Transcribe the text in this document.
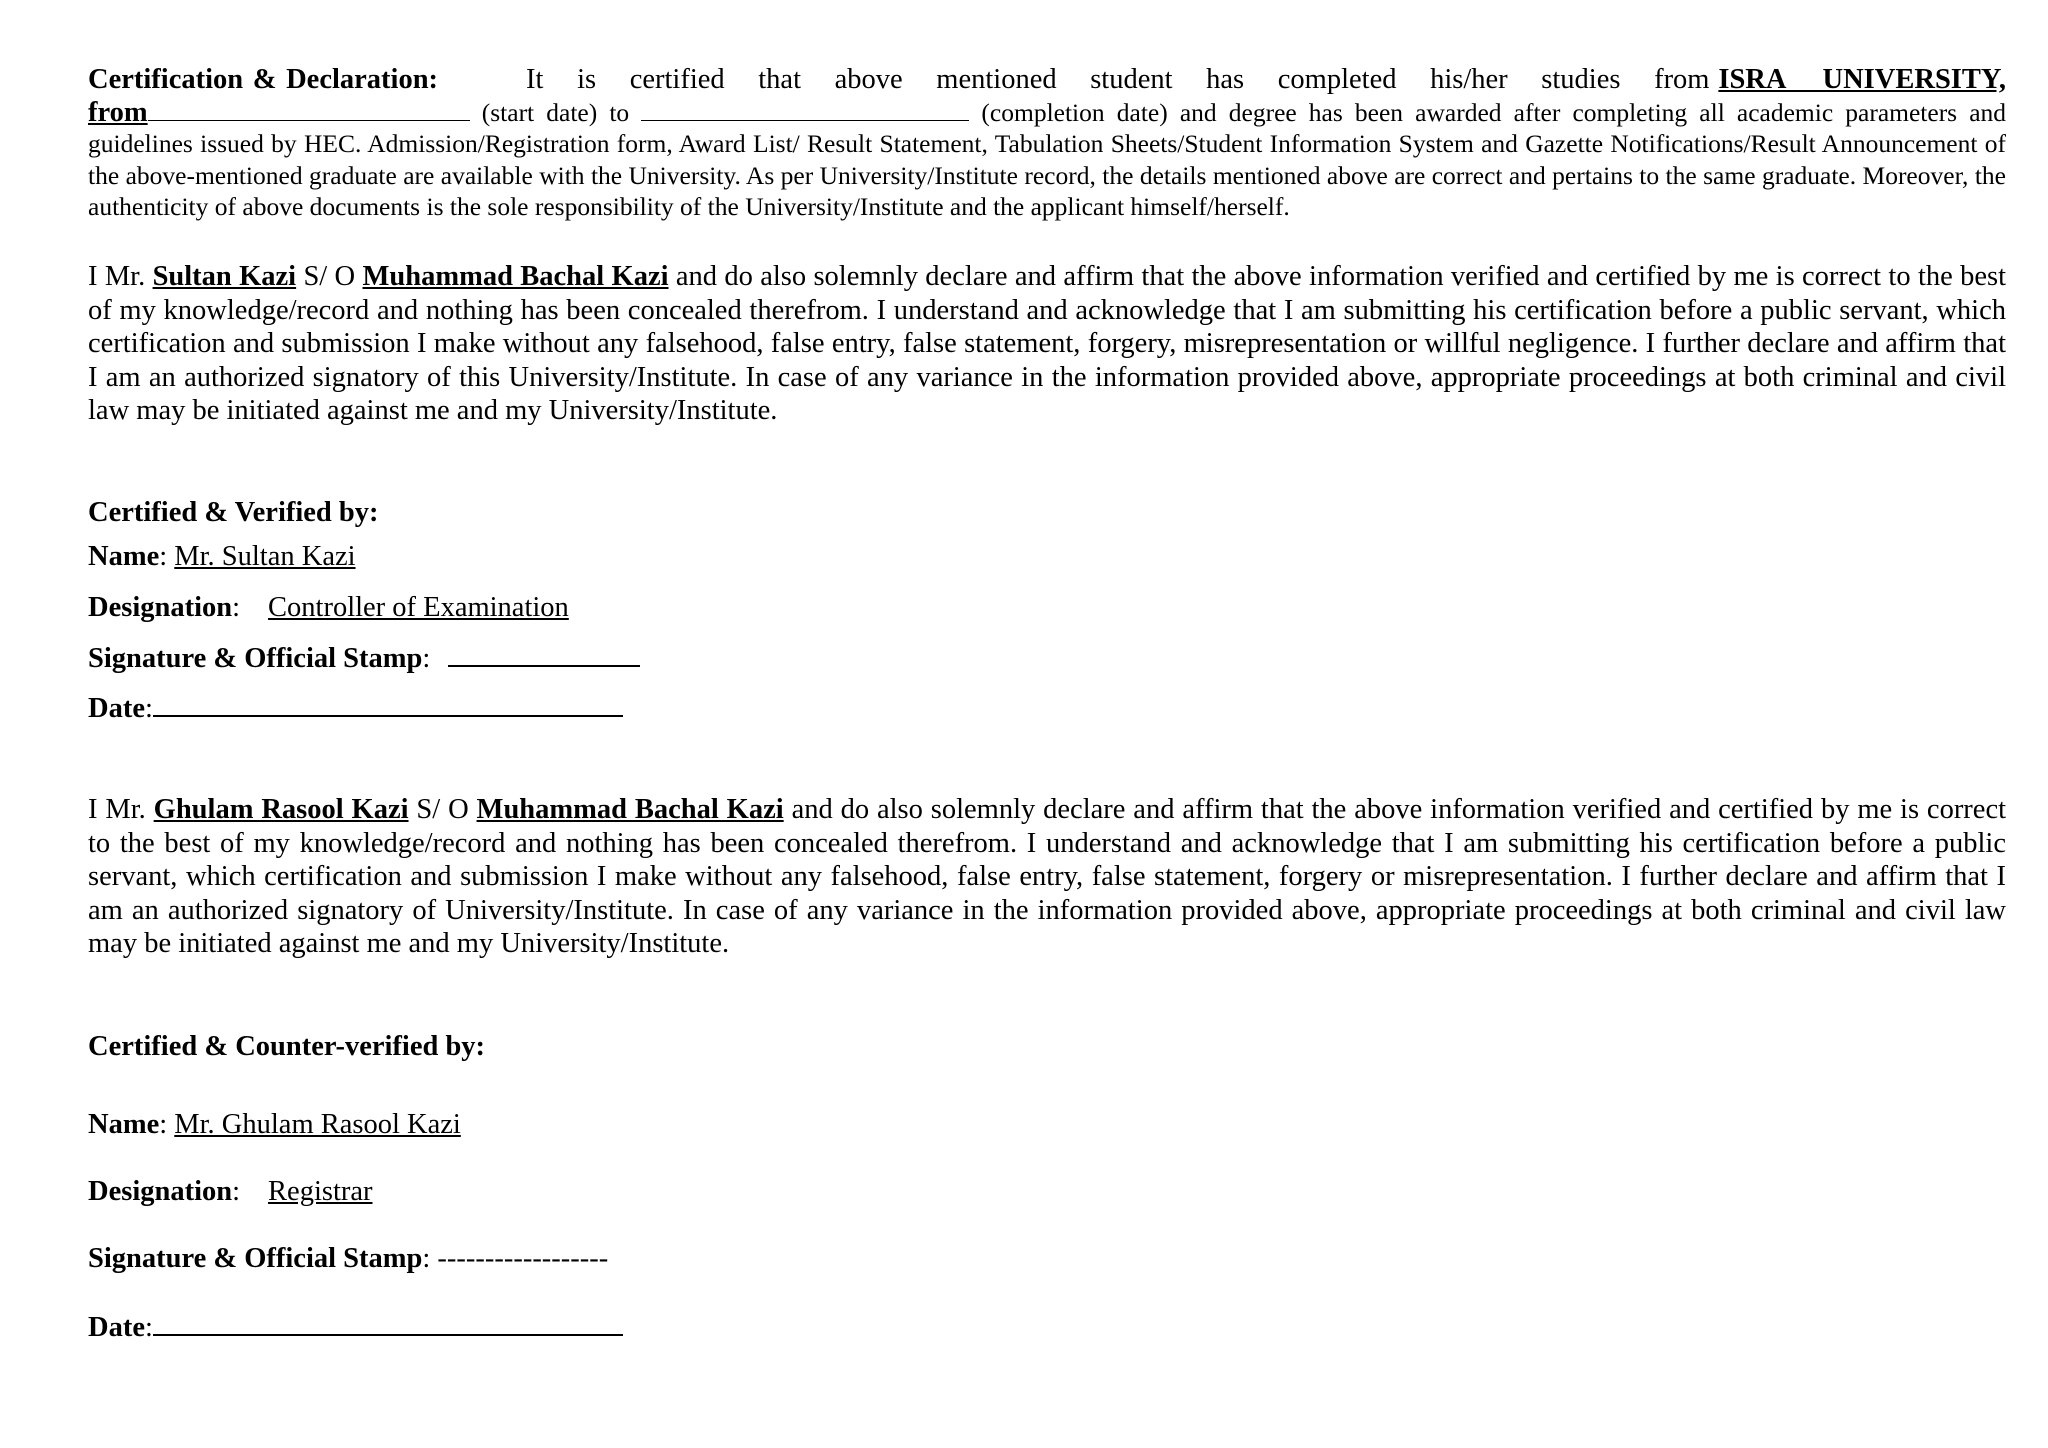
Certification & Declaration:	It is certified that above mentioned student has completed his/her studies from ISRA UNIVERSITY, from	(start date) to	(completion date) and degree has been awarded after completing all academic parameters and guidelines issued by HEC. Admission/Registration form, Award List/ Result Statement, Tabulation Sheets/Student Information System and Gazette Notifications/Result Announcement of the above-mentioned graduate are available with the University. As per University/Institute record, the details mentioned above are correct and pertains to the same graduate. Moreover, the authenticity of above documents is the sole responsibility of the University/Institute and the applicant himself/herself.
I Mr. Sultan Kazi S/ O Muhammad Bachal Kazi and do also solemnly declare and affirm that the above information verified and certified by me is correct to the best of my knowledge/record and nothing has been concealed therefrom. I understand and acknowledge that I am submitting his certification before a public servant, which certification and submission I make without any falsehood, false entry, false statement, forgery, misrepresentation or willful negligence. I further declare and affirm that I am an authorized signatory of this University/Institute. In case of any variance in the information provided above, appropriate proceedings at both criminal and civil law may be initiated against me and my University/Institute.
Certified & Verified by:
Name: Mr. Sultan Kazi
Designation: Controller of Examination
Signature & Official Stamp:
Date:
I Mr. Ghulam Rasool Kazi S/ O Muhammad Bachal Kazi and do also solemnly declare and affirm that the above information verified and certified by me is correct to the best of my knowledge/record and nothing has been concealed therefrom. I understand and acknowledge that I am submitting his certification before a public servant, which certification and submission I make without any falsehood, false entry, false statement, forgery or misrepresentation. I further declare and affirm that I am an authorized signatory of University/Institute. In case of any variance in the information provided above, appropriate proceedings at both criminal and civil law may be initiated against me and my University/Institute.
Certified & Counter-verified by:
Name: Mr. Ghulam Rasool Kazi
Designation: Registrar
Signature & Official Stamp: ------------------
Date:
